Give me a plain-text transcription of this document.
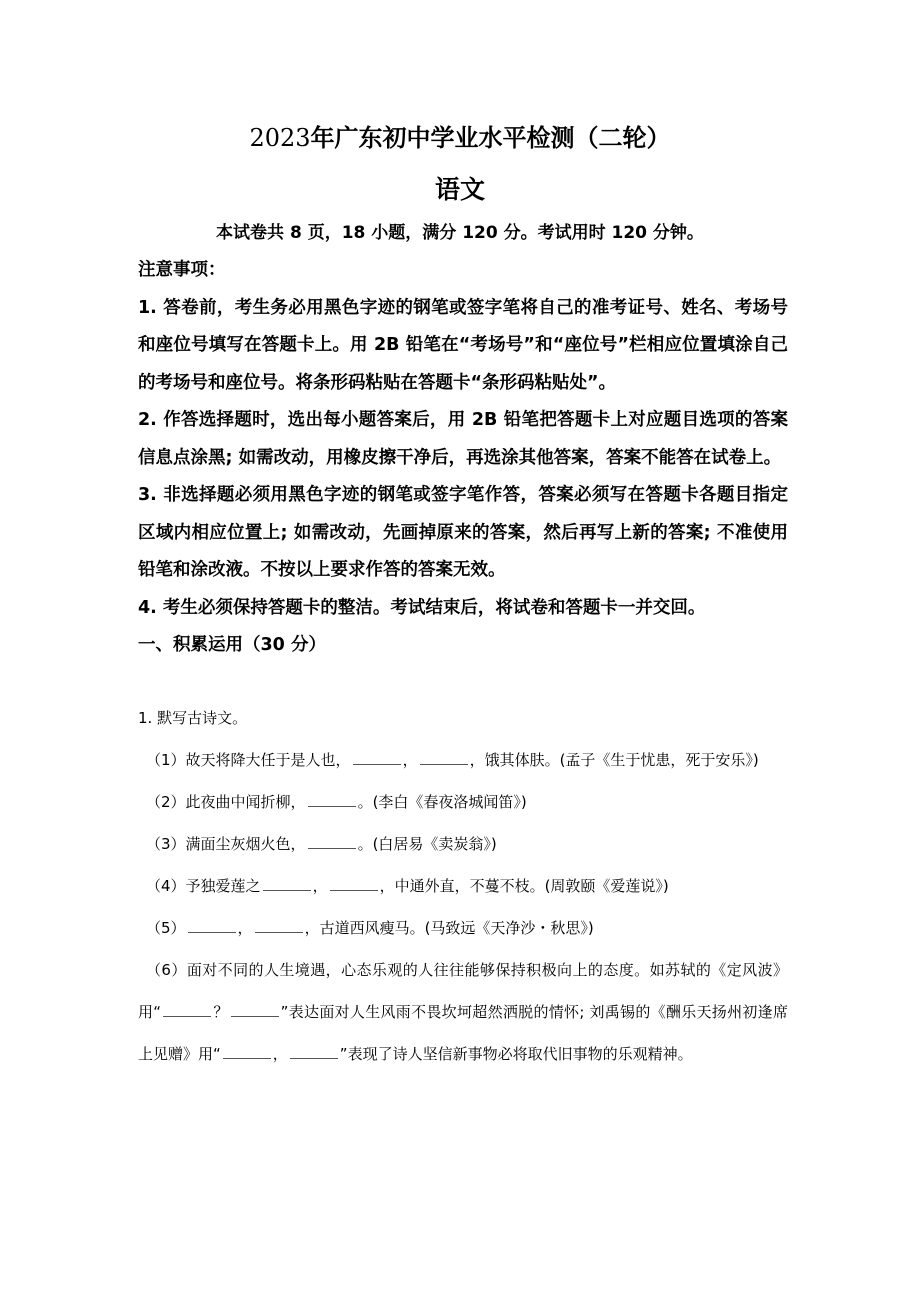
2023年广东初中学业水平检测（二轮）
语文
本试卷共 8 页，18 小题，满分 120 分。考试用时 120 分钟。

注意事项：

1. 答卷前，考生务必用黑色字迹的钢笔或签字笔将自己的准考证号、姓名、考场号和座位号填写在答题卡上。用 2B 铅笔在“考场号”和“座位号”栏相应位置填涂自己的考场号和座位号。将条形码粘贴在答题卡“条形码粘贴处”。

2. 作答选择题时，选出每小题答案后，用 2B 铅笔把答题卡上对应题目选项的答案信息点涂黑; 如需改动，用橡皮擦干净后，再选涂其他答案，答案不能答在试卷上。

3. 非选择题必须用黑色字迹的钢笔或签字笔作答，答案必须写在答题卡各题目指定区域内相应位置上; 如需改动，先画掉原来的答案，然后再写上新的答案; 不准使用铅笔和涂改液。不按以上要求作答的答案无效。

4. 考生必须保持答题卡的整洁。考试结束后，将试卷和答题卡一并交回。

一、积累运用（30 分）

1. 默写古诗文。

（1）故天将降大任于是人也，	，	，饿其体肤。(孟子《生于忧患，死于安乐》)

（2）此夜曲中闻折柳，	。(李白《春夜洛城闻笛》)

（3）满面尘灰烟火色，	。(白居易《卖炭翁》)

（4）予独爱莲之	，	，中通外直，不蔓不枝。(周敦颐《爱莲说》)

（5）	，	，古道西风瘦马。(马致远《天净沙・秋思》)

（6）面对不同的人生境遇，心态乐观的人往往能够保持积极向上的态度。如苏轼的《定风波》用“	？	”表达面对人生风雨不畏坎坷超然洒脱的情怀; 刘禹锡的《酬乐天扬州初逢席上见赠》用“	，	”表现了诗人坚信新事物必将取代旧事物的乐观精神。
